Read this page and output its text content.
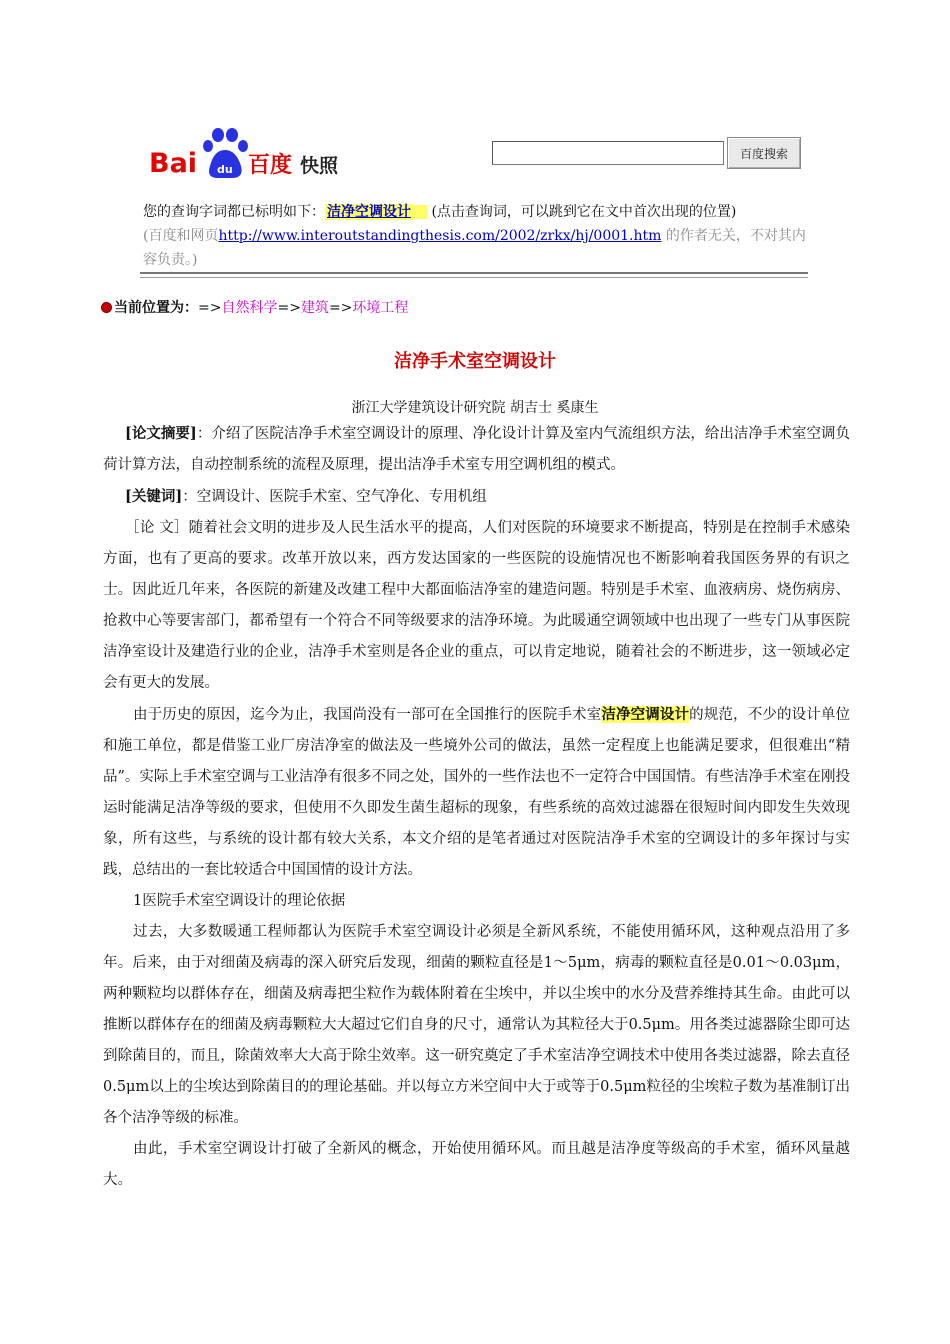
du
Bai 百度 快照
百度搜索
您的查询字词都已标明如下： 洁净空调设计 (点击查询词，可以跳到它在文中首次出现的位置)
(百度和网页http://www.interoutstandingthesis.com/2002/zrkx/hj/0001.htm 的作者无关，不对其内容负责。)
当前位置为：=>自然科学=>建筑=>环境工程
洁净手术室空调设计
浙江大学建筑设计研究院 胡吉士 奚康生

[论文摘要]：介绍了医院洁净手术室空调设计的原理、净化设计计算及室内气流组织方法，给出洁净手术室空调负荷计算方法，自动控制系统的流程及原理，提出洁净手术室专用空调机组的模式。

[关键词]：空调设计、医院手术室、空气净化、专用机组

［论 文］随着社会文明的进步及人民生活水平的提高，人们对医院的环境要求不断提高，特别是在控制手术感染方面，也有了更高的要求。改革开放以来，西方发达国家的一些医院的设施情况也不断影响着我国医务界的有识之士。因此近几年来，各医院的新建及改建工程中大都面临洁净室的建造问题。特别是手术室、血液病房、烧伤病房、抢救中心等要害部门，都希望有一个符合不同等级要求的洁净环境。为此暖通空调领域中也出现了一些专门从事医院洁净室设计及建造行业的企业，洁净手术室则是各企业的重点，可以肯定地说，随着社会的不断进步，这一领域必定会有更大的发展。

由于历史的原因，迄今为止，我国尚没有一部可在全国推行的医院手术室洁净空调设计的规范，不少的设计单位和施工单位，都是借鉴工业厂房洁净室的做法及一些境外公司的做法，虽然一定程度上也能满足要求，但很难出“精品”。实际上手术室空调与工业洁净有很多不同之处，国外的一些作法也不一定符合中国国情。有些洁净手术室在刚投运时能满足洁净等级的要求，但使用不久即发生菌生超标的现象，有些系统的高效过滤器在很短时间内即发生失效现象，所有这些，与系统的设计都有较大关系，本文介绍的是笔者通过对医院洁净手术室的空调设计的多年探讨与实践，总结出的一套比较适合中国国情的设计方法。

1医院手术室空调设计的理论依据

过去，大多数暖通工程师都认为医院手术室空调设计必须是全新风系统，不能使用循环风，这种观点沿用了多年。后来，由于对细菌及病毒的深入研究后发现，细菌的颗粒直径是1～5μm，病毒的颗粒直径是0.01～0.03μm，两种颗粒均以群体存在，细菌及病毒把尘粒作为载体附着在尘埃中，并以尘埃中的水分及营养维持其生命。由此可以推断以群体存在的细菌及病毒颗粒大大超过它们自身的尺寸，通常认为其粒径大于0.5μm。用各类过滤器除尘即可达到除菌目的，而且，除菌效率大大高于除尘效率。这一研究奠定了手术室洁净空调技术中使用各类过滤器，除去直径0.5μm以上的尘埃达到除菌目的的理论基础。并以每立方米空间中大于或等于0.5μm粒径的尘埃粒子数为基准制订出各个洁净等级的标准。

由此，手术室空调设计打破了全新风的概念，开始使用循环风。而且越是洁净度等级高的手术室，循环风量越大。
